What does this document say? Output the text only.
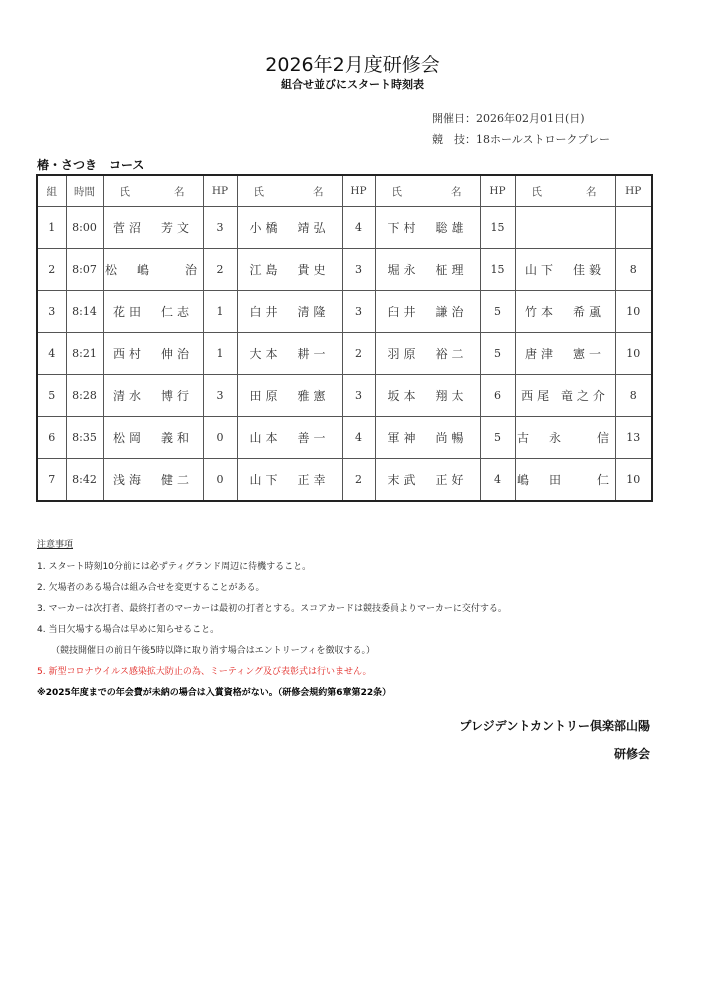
2026年2月度研修会
組合せ並びにスタート時刻表
開催日：2026年02月01日(日)
競 技：18ホールストロークプレー
椿・さつき　コース
組	時間	氏 名	HP	氏 名	HP	氏 名	HP	氏 名	HP
1	8:00	菅沼　芳文	3	小橋　靖弘	4	下村　聡雄	15		
2	8:07	松　嶋　　治	2	江島　貴史	3	堀永　柾理	15	山下　佳毅	8
3	8:14	花田　仁志	1	白井　清隆	3	臼井　謙治	5	竹本　希颪	10
4	8:21	西村　伸治	1	大本　耕一	2	羽原　裕二	5	唐津　憲一	10
5	8:28	清水　博行	3	田原　雅憲	3	坂本　翔太	6	西尾 竜之介	8
6	8:35	松岡　義和	0	山本　善一	4	軍神　尚暢	5	古　永　　信	13
7	8:42	浅海　健二	0	山下　正幸	2	末武　正好	4	嶋　田　　仁	10
注意事項
1. スタート時刻10分前には必ずティグランド周辺に待機すること。
2. 欠場者のある場合は組み合せを変更することがある。
3. マーカーは次打者、最終打者のマーカーは最初の打者とする。スコアカードは競技委員よりマーカーに交付する。
4. 当日欠場する場合は早めに知らせること。
（競技開催日の前日午後5時以降に取り消す場合はエントリーフィを徴収する。）
5. 新型コロナウイルス感染拡大防止の為、ミーティング及び表彰式は行いません。
※2025年度までの年会費が未納の場合は入賞資格がない。（研修会規約第6章第22条）
プレジデントカントリー倶楽部山陽
研修会
